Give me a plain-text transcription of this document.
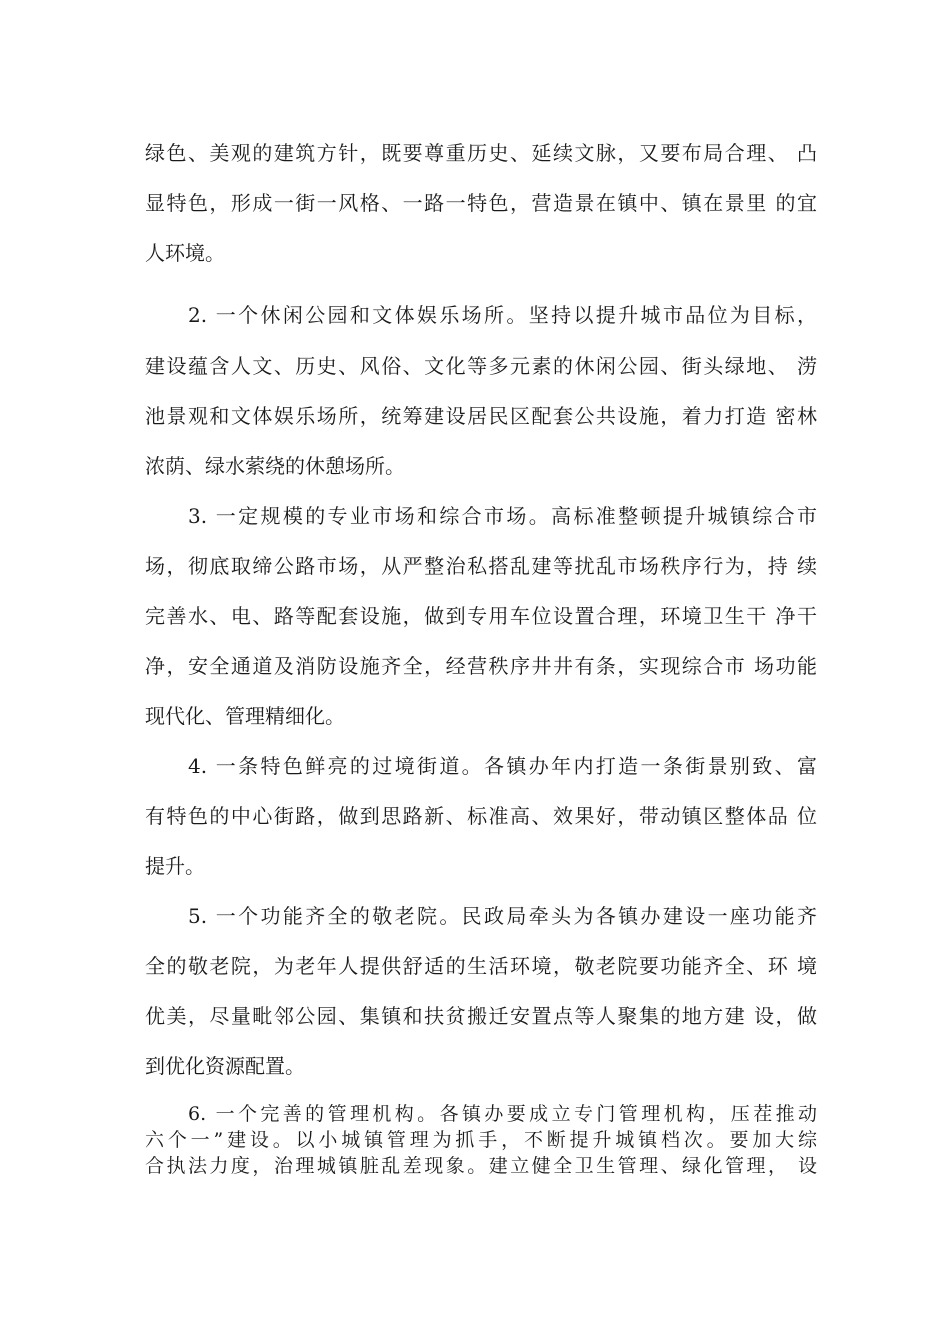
绿色、美观的建筑方针，既要尊重历史、延续文脉，又要布局合理、 凸
显特色，形成一街一风格、一路一特色，营造景在镇中、镇在景里 的宜
人环境。
2. 一个休闲公园和文体娱乐场所。坚持以提升城市品位为目标，
建设蕴含人文、历史、风俗、文化等多元素的休闲公园、街头绿地、 涝
池景观和文体娱乐场所，统筹建设居民区配套公共设施，着力打造 密林
浓荫、绿水萦绕的休憩场所。
3. 一定规模的专业市场和综合市场。高标准整顿提升城镇综合市
场，彻底取缔公路市场，从严整治私搭乱建等扰乱市场秩序行为，持 续
完善水、电、路等配套设施，做到专用车位设置合理，环境卫生干 净干
净，安全通道及消防设施齐全，经营秩序井井有条，实现综合市 场功能
现代化、管理精细化。
4. 一条特色鲜亮的过境街道。各镇办年内打造一条街景别致、富
有特色的中心街路，做到思路新、标准高、效果好，带动镇区整体品 位
提升。
5. 一个功能齐全的敬老院。民政局牵头为各镇办建设一座功能齐
全的敬老院，为老年人提供舒适的生活环境，敬老院要功能齐全、环 境
优美，尽量毗邻公园、集镇和扶贫搬迁安置点等人聚集的地方建 设，做
到优化资源配置。
6. 一个完善的管理机构。各镇办要成立专门管理机构，压茬推动
六个一”建设。以小城镇管理为抓手，不断提升城镇档次。要加大综
合执法力度，治理城镇脏乱差现象。建立健全卫生管理、绿化管理， 设
